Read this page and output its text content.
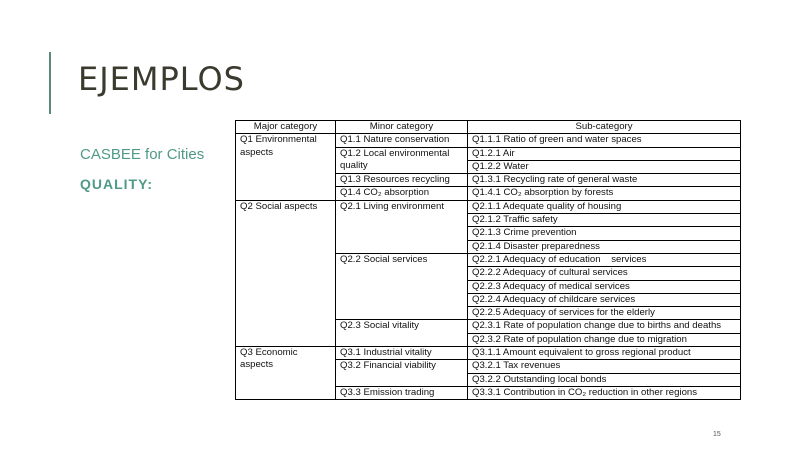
EJEMPLOS
CASBEE for Cities
QUALITY:
Major category	Minor category	Sub-category
Q1 Environmental aspects	Q1.1 Nature conservation	Q1.1.1 Ratio of green and water spaces
	Q1.2 Local environmental quality	Q1.2.1 Air
		Q1.2.2 Water
	Q1.3 Resources recycling	Q1.3.1 Recycling rate of general waste
	Q1.4 CO₂ absorption	Q1.4.1 CO₂ absorption by forests
Q2 Social aspects	Q2.1 Living environment	Q2.1.1 Adequate quality of housing
		Q2.1.2 Traffic safety
		Q2.1.3 Crime prevention
		Q2.1.4 Disaster preparedness
	Q2.2 Social services	Q2.2.1 Adequacy of education    services
		Q2.2.2 Adequacy of cultural services
		Q2.2.3 Adequacy of medical services
		Q2.2.4 Adequacy of childcare services
		Q2.2.5 Adequacy of services for the elderly
	Q2.3 Social vitality	Q2.3.1 Rate of population change due to births and deaths
		Q2.3.2 Rate of population change due to migration
Q3 Economic aspects	Q3.1 Industrial vitality	Q3.1.1 Amount equivalent to gross regional product
	Q3.2 Financial viability	Q3.2.1 Tax revenues
		Q3.2.2 Outstanding local bonds
	Q3.3 Emission trading	Q3.3.1 Contribution in CO₂ reduction in other regions
15
